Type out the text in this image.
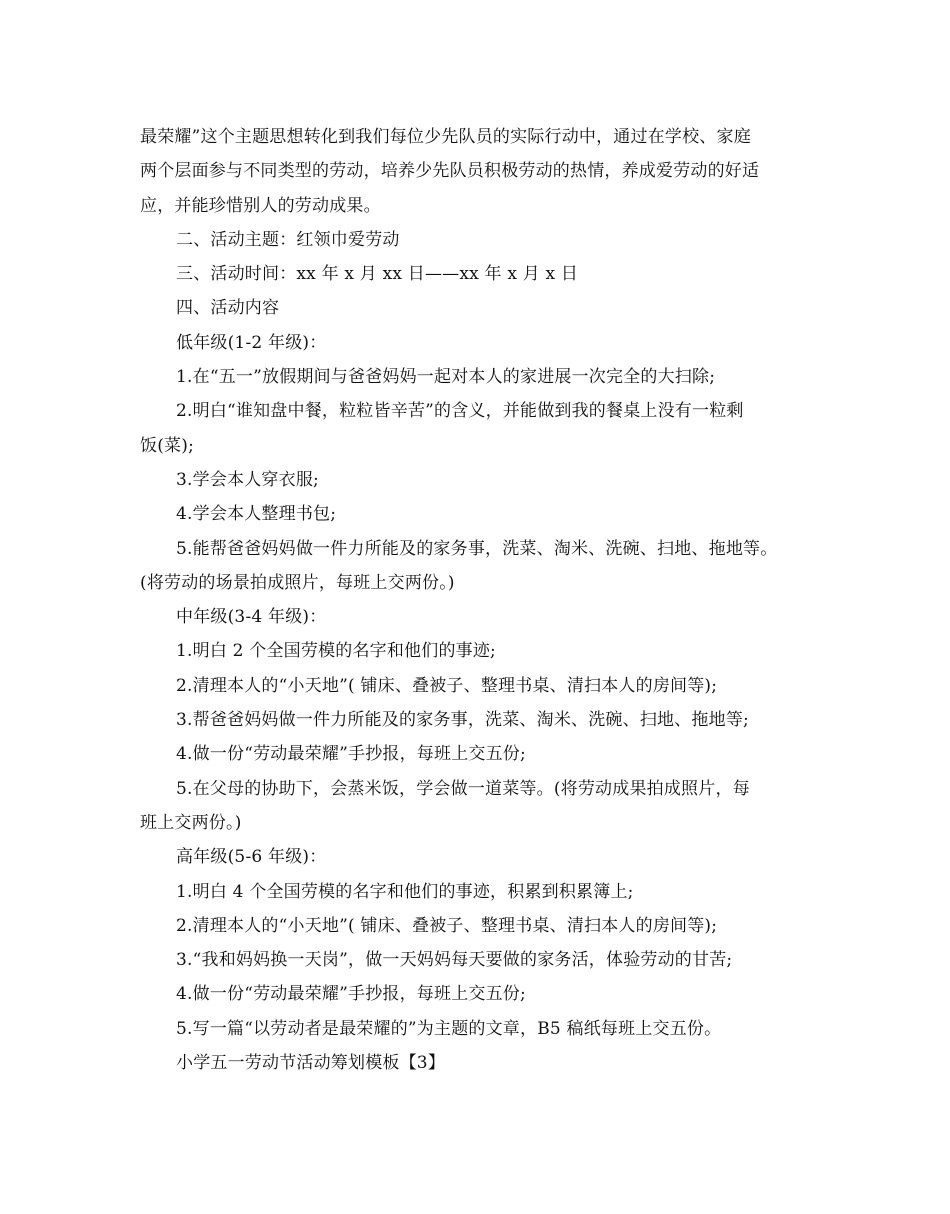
最荣耀”这个主题思想转化到我们每位少先队员的实际行动中，通过在学校、家庭
两个层面参与不同类型的劳动，培养少先队员积极劳动的热情，养成爱劳动的好适
应，并能珍惜别人的劳动成果。
二、活动主题：红领巾爱劳动
三、活动时间：xx 年 x 月 xx 日——xx 年 x 月 x 日
四、活动内容
低年级(1-2 年级)：
1.在“五一”放假期间与爸爸妈妈一起对本人的家进展一次完全的大扫除;
2.明白“谁知盘中餐，粒粒皆辛苦”的含义，并能做到我的餐桌上没有一粒剩
饭(菜);
3.学会本人穿衣服;
4.学会本人整理书包;
5.能帮爸爸妈妈做一件力所能及的家务事，洗菜、淘米、洗碗、扫地、拖地等。
(将劳动的场景拍成照片，每班上交两份。)
中年级(3-4 年级)：
1.明白 2 个全国劳模的名字和他们的事迹;
2.清理本人的“小天地”( 铺床、叠被子、整理书桌、清扫本人的房间等);
3.帮爸爸妈妈做一件力所能及的家务事，洗菜、淘米、洗碗、扫地、拖地等;
4.做一份“劳动最荣耀”手抄报，每班上交五份;
5.在父母的协助下，会蒸米饭，学会做一道菜等。(将劳动成果拍成照片，每
班上交两份。)
高年级(5-6 年级)：
1.明白 4 个全国劳模的名字和他们的事迹，积累到积累簿上;
2.清理本人的“小天地”( 铺床、叠被子、整理书桌、清扫本人的房间等);
3.“我和妈妈换一天岗”，做一天妈妈每天要做的家务活，体验劳动的甘苦;
4.做一份“劳动最荣耀”手抄报，每班上交五份;
5.写一篇“以劳动者是最荣耀的”为主题的文章，B5 稿纸每班上交五份。
小学五一劳动节活动筹划模板【3】
